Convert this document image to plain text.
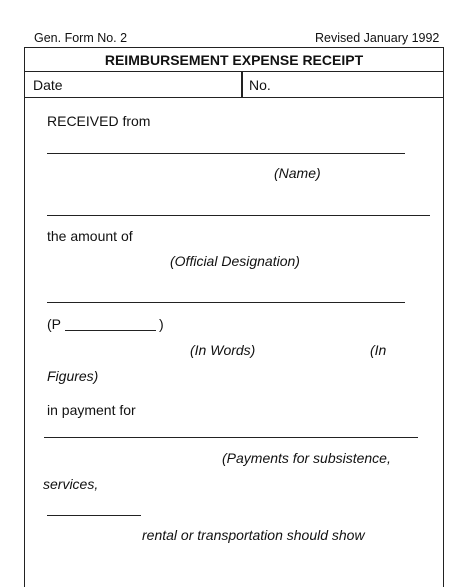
Gen. Form No. 2	Revised January 1992
REIMBURSEMENT EXPENSE RECEIPT
Date	No.
RECEIVED from
(Name)
the amount of
(Official Designation)
(P	)
(In Words)	(In
Figures)
in payment for
(Payments for subsistence,
services,
rental or transportation should show
